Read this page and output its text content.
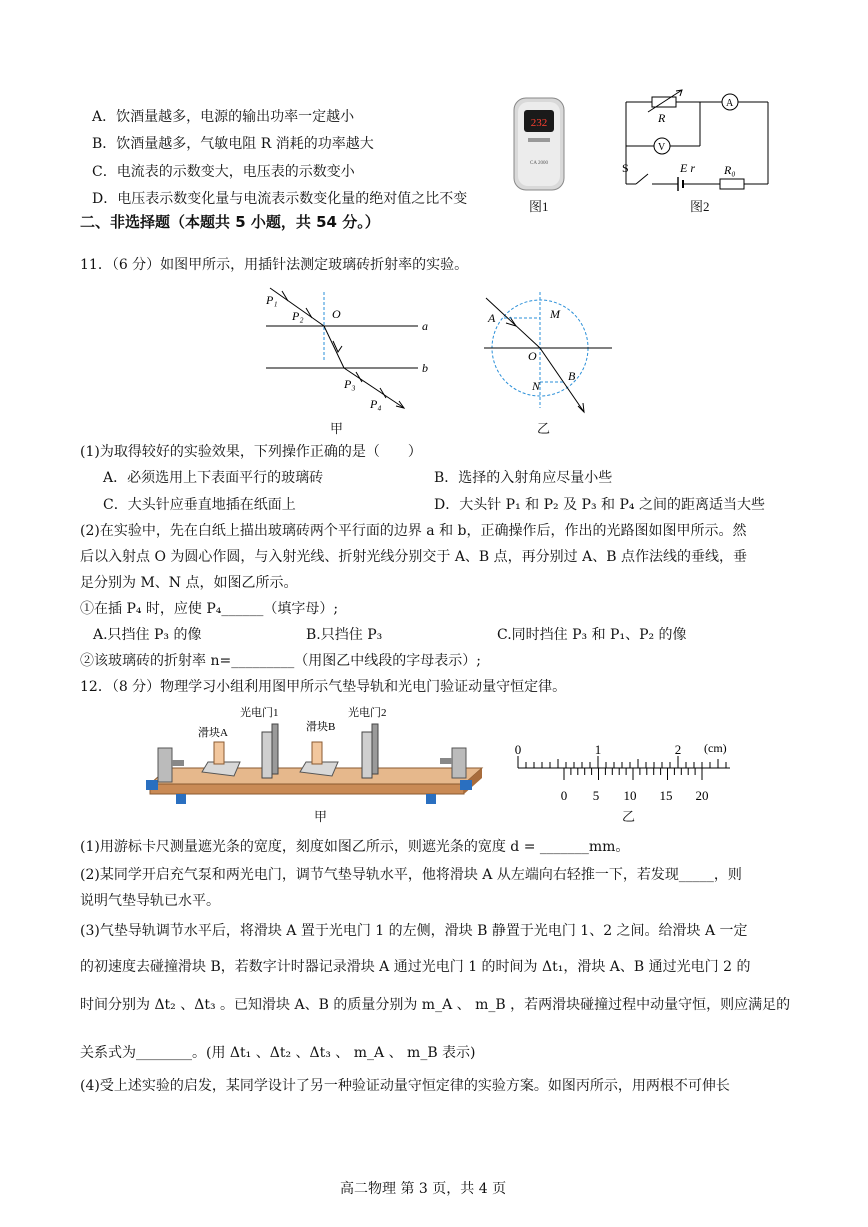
A．饮酒量越多，电源的输出功率一定越小
B．饮酒量越多，气敏电阻 R 消耗的功率越大
C．电流表的示数变大，电压表的示数变小
D．电压表示数变化量与电流表示数变化量的绝对值之比不变
232
CA 2000
图1
R
A
V
S	E r R₀
图2
二、非选择题（本题共 5 小题，共 54 分。）
11．（6 分）如图甲所示，用插针法测定玻璃砖折射率的实验。
P₁
P₂ O
a
b
P₃
P₄
甲
A	M
O
N
B
乙
(1)为取得较好的实验效果，下列操作正确的是（　　）
A．必须选用上下表面平行的玻璃砖	B．选择的入射角应尽量小些
C．大头针应垂直地插在纸面上	D．大头针 P₁ 和 P₂ 及 P₃ 和 P₄ 之间的距离适当大些
(2)在实验中，先在白纸上描出玻璃砖两个平行面的边界 a 和 b，正确操作后，作出的光路图如图甲所示。然
后以入射点 O 为圆心作圆，与入射光线、折射光线分别交于 A、B 点，再分别过 A、B 点作法线的垂线，垂
足分别为 M、N 点，如图乙所示。
①在插 P₄ 时，应使 P₄______（填字母）;
A.只挡住 P₃ 的像	B.只挡住 P₃	C.同时挡住 P₃ 和 P₁、P₂ 的像
②该玻璃砖的折射率 n=_________（用图乙中线段的字母表示）;
12．（8 分）物理学习小组利用图甲所示气垫导轨和光电门验证动量守恒定律。
光电门1	光电门2
滑块A	滑块B
甲
0	1	2 (cm)
0 5 10 15 20
乙
(1)用游标卡尺测量遮光条的宽度，刻度如图乙所示，则遮光条的宽度 d = _______mm。
(2)某同学开启充气泵和两光电门，调节气垫导轨水平，他将滑块 A 从左端向右轻推一下，若发现_____，则
说明气垫导轨已水平。
(3)气垫导轨调节水平后，将滑块 A 置于光电门 1 的左侧，滑块 B 静置于光电门 1、2 之间。给滑块 A 一定
的初速度去碰撞滑块 B，若数字计时器记录滑块 A 通过光电门 1 的时间为 Δt₁，滑块 A、B 通过光电门 2 的
时间分别为 Δt₂ 、Δt₃ 。已知滑块 A、B 的质量分别为 m_A 、 m_B ，若两滑块碰撞过程中动量守恒，则应满足的
关系式为________。(用 Δt₁ 、Δt₂ 、Δt₃ 、 m_A 、 m_B 表示)
(4)受上述实验的启发，某同学设计了另一种验证动量守恒定律的实验方案。如图丙所示，用两根不可伸长
高二物理 第 3 页，共 4 页
